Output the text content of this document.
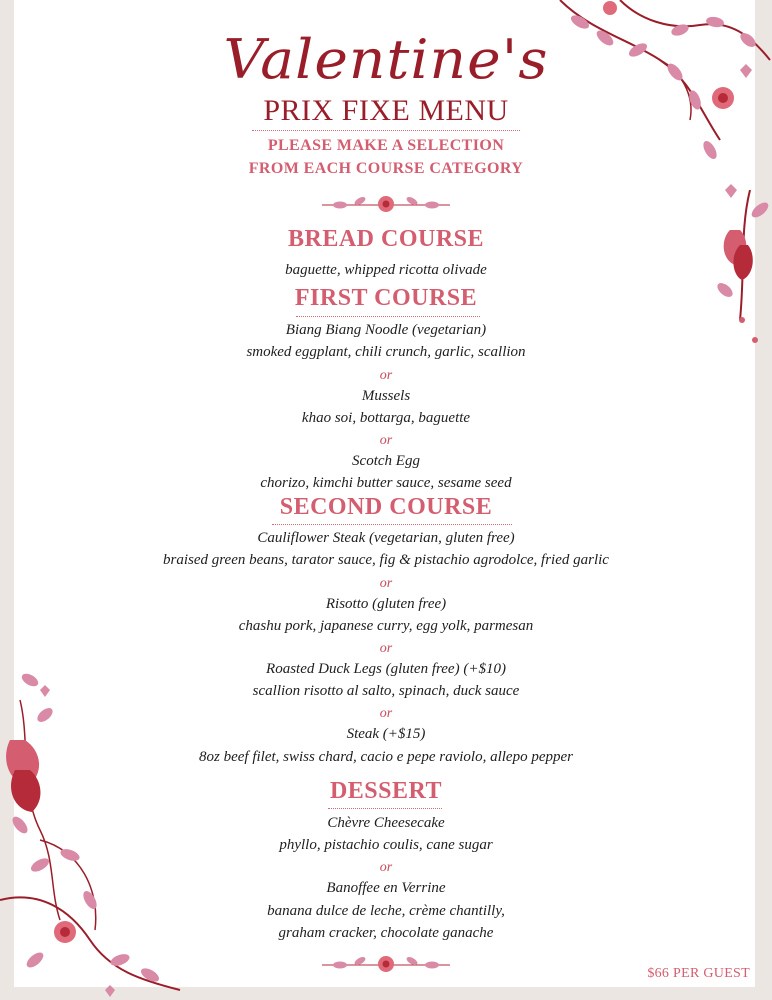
Valentine's
PRIX FIXE MENU
PLEASE MAKE A SELECTION
FROM EACH COURSE CATEGORY
BREAD COURSE
baguette, whipped ricotta olivade
FIRST COURSE
Biang Biang Noodle (vegetarian)
smoked eggplant, chili crunch, garlic, scallion
or
Mussels
khao soi, bottarga, baguette
or
Scotch Egg
chorizo, kimchi butter sauce, sesame seed
SECOND COURSE
Cauliflower Steak (vegetarian, gluten free)
braised green beans, tarator sauce, fig & pistachio agrodolce, fried garlic
or
Risotto (gluten free)
chashu pork, japanese curry, egg yolk, parmesan
or
Roasted Duck Legs (gluten free) (+$10)
scallion risotto al salto, spinach, duck sauce
or
Steak (+$15)
8oz beef filet, swiss chard, cacio e pepe raviolo, allepo pepper
DESSERT
Chèvre Cheesecake
phyllo, pistachio coulis, cane sugar
or
Banoffee en Verrine
banana dulce de leche, crème chantilly,
graham cracker, chocolate ganache
$66 PER GUEST
